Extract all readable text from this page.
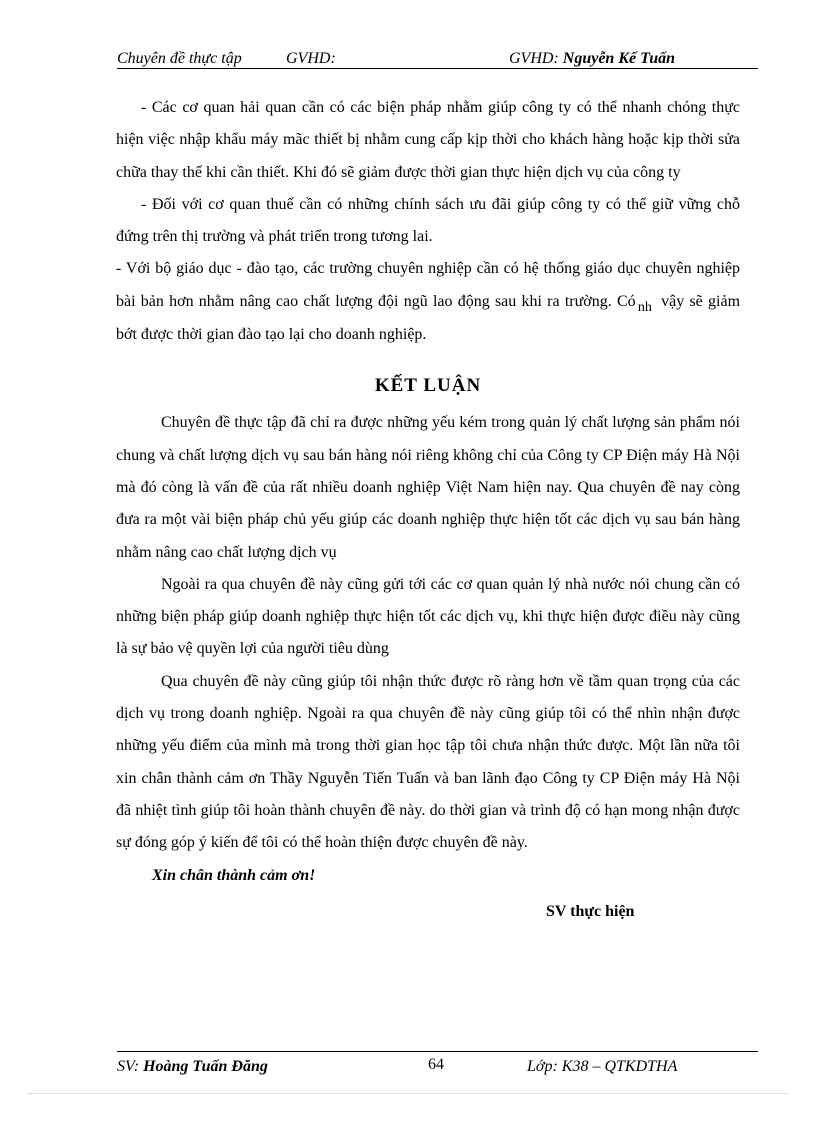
Chuyên đề thực tập	GVHD:	GVHD: Nguyễn Kế Tuấn

- Các cơ quan hải quan cần có các biện pháp nhằm giúp công ty có thể nhanh chóng thực hiện việc nhập khẩu máy mãc thiết bị nhằm cung cấp kịp thời cho khách hàng hoặc kịp thời sửa chữa thay thế khi cần thiết. Khi đó sẽ giảm được thời gian thực hiện dịch vụ của công ty

- Đối với cơ quan thuế cần có những chính sách ưu đãi giúp công ty có thể giữ vững chỗ đứng trên thị trường và phát triển trong tương lai.

- Với bộ giáo dục - đào tạo, các trường chuyên nghiệp cần có hệ thống giáo dục chuyên nghiệp bài bản hơn nhằm nâng cao chất lượng đội ngũ lao động sau khi ra trường. Có nh vậy sẽ giảm bớt được thời gian đào tạo lại cho doanh nghiệp.

KẾT LUẬN

Chuyên đề thực tập đã chỉ ra được những yếu kém trong quản lý chất lượng sản phẩm nói chung và chất lượng dịch vụ sau bán hàng nói riêng không chỉ của Công ty CP Điện máy Hà Nội mà đó còng là vấn đề của rất nhiều doanh nghiệp Việt Nam hiện nay. Qua chuyên đề nay còng đưa ra một vài biện pháp chủ yếu giúp các doanh nghiệp thực hiện tốt các dịch vụ sau bán hàng nhằm nâng cao chất lượng dịch vụ

Ngoài ra qua chuyên đề này cũng gửi tới các cơ quan quản lý nhà nước nói chung cần có những biện pháp giúp doanh nghiệp thực hiện tốt các dịch vụ, khi thực hiện được điều này cũng là sự bảo vệ quyền lợi của người tiêu dùng

Qua chuyên đề này cũng giúp tôi nhận thức được rõ ràng hơn về tầm quan trọng của các dịch vụ trong doanh nghiệp. Ngoài ra qua chuyên đề này cũng giúp tôi có thể nhìn nhận được những yếu điểm của mình mà trong thời gian học tập tôi chưa nhận thức được. Một lần nữa tôi xin chân thành cảm ơn Thầy Nguyễn Tiến Tuấn và ban lãnh đạo Công ty CP Điện máy Hà Nội đã nhiệt tình giúp tôi hoàn thành chuyên đề này. do thời gian và trình độ có hạn mong nhận được sự đóng góp ý kiến để tôi có thể hoàn thiện được chuyên đề này.

Xin chân thành cảm ơn!

SV thực hiện

SV: Hoàng Tuấn Đăng	64	Lớp: K38 – QTKDTHA
